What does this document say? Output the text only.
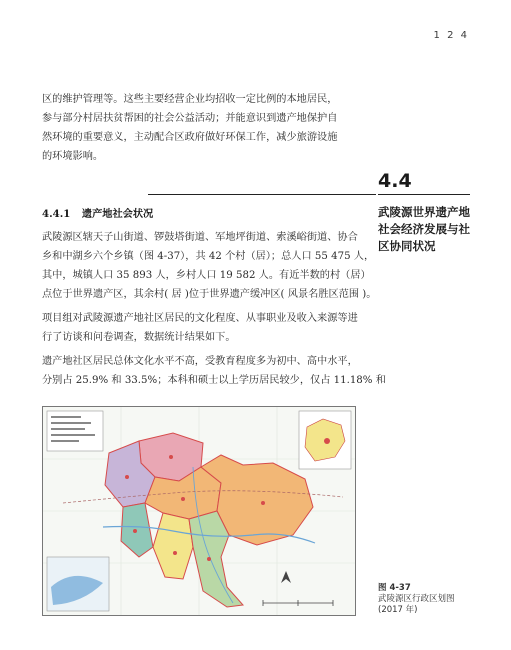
1 2 4
区的维护管理等。这些主要经营企业均招收一定比例的本地居民，
参与部分村居扶贫帮困的社会公益活动；并能意识到遗产地保护自
然环境的重要意义，主动配合区政府做好环保工作，减少旅游设施
的环境影响。
4.4
武陵源世界遗产地
社会经济发展与社
区协同状况
4.4.1 遗产地社会状况
武陵源区辖天子山街道、锣鼓塔街道、军地坪街道、索溪峪街道、协合
乡和中湖乡六个乡镇（图 4-37），共 42 个村（居）；总人口 55 475 人，
其中，城镇人口 35 893 人，乡村人口 19 582 人。有近半数的村（居）
点位于世界遗产区，其余村( 居 )位于世界遗产缓冲区( 风景名胜区范围 )。
项目组对武陵源遗产地社区居民的文化程度、从事职业及收入来源等进
行了访谈和问卷调查，数据统计结果如下。
遗产地社区居民总体文化水平不高，受教育程度多为初中、高中水平，
分别占 25.9% 和 33.5%；本科和硕士以上学历居民较少，仅占 11.18% 和
图 4-37
武陵源区行政区划图
(2017 年)
